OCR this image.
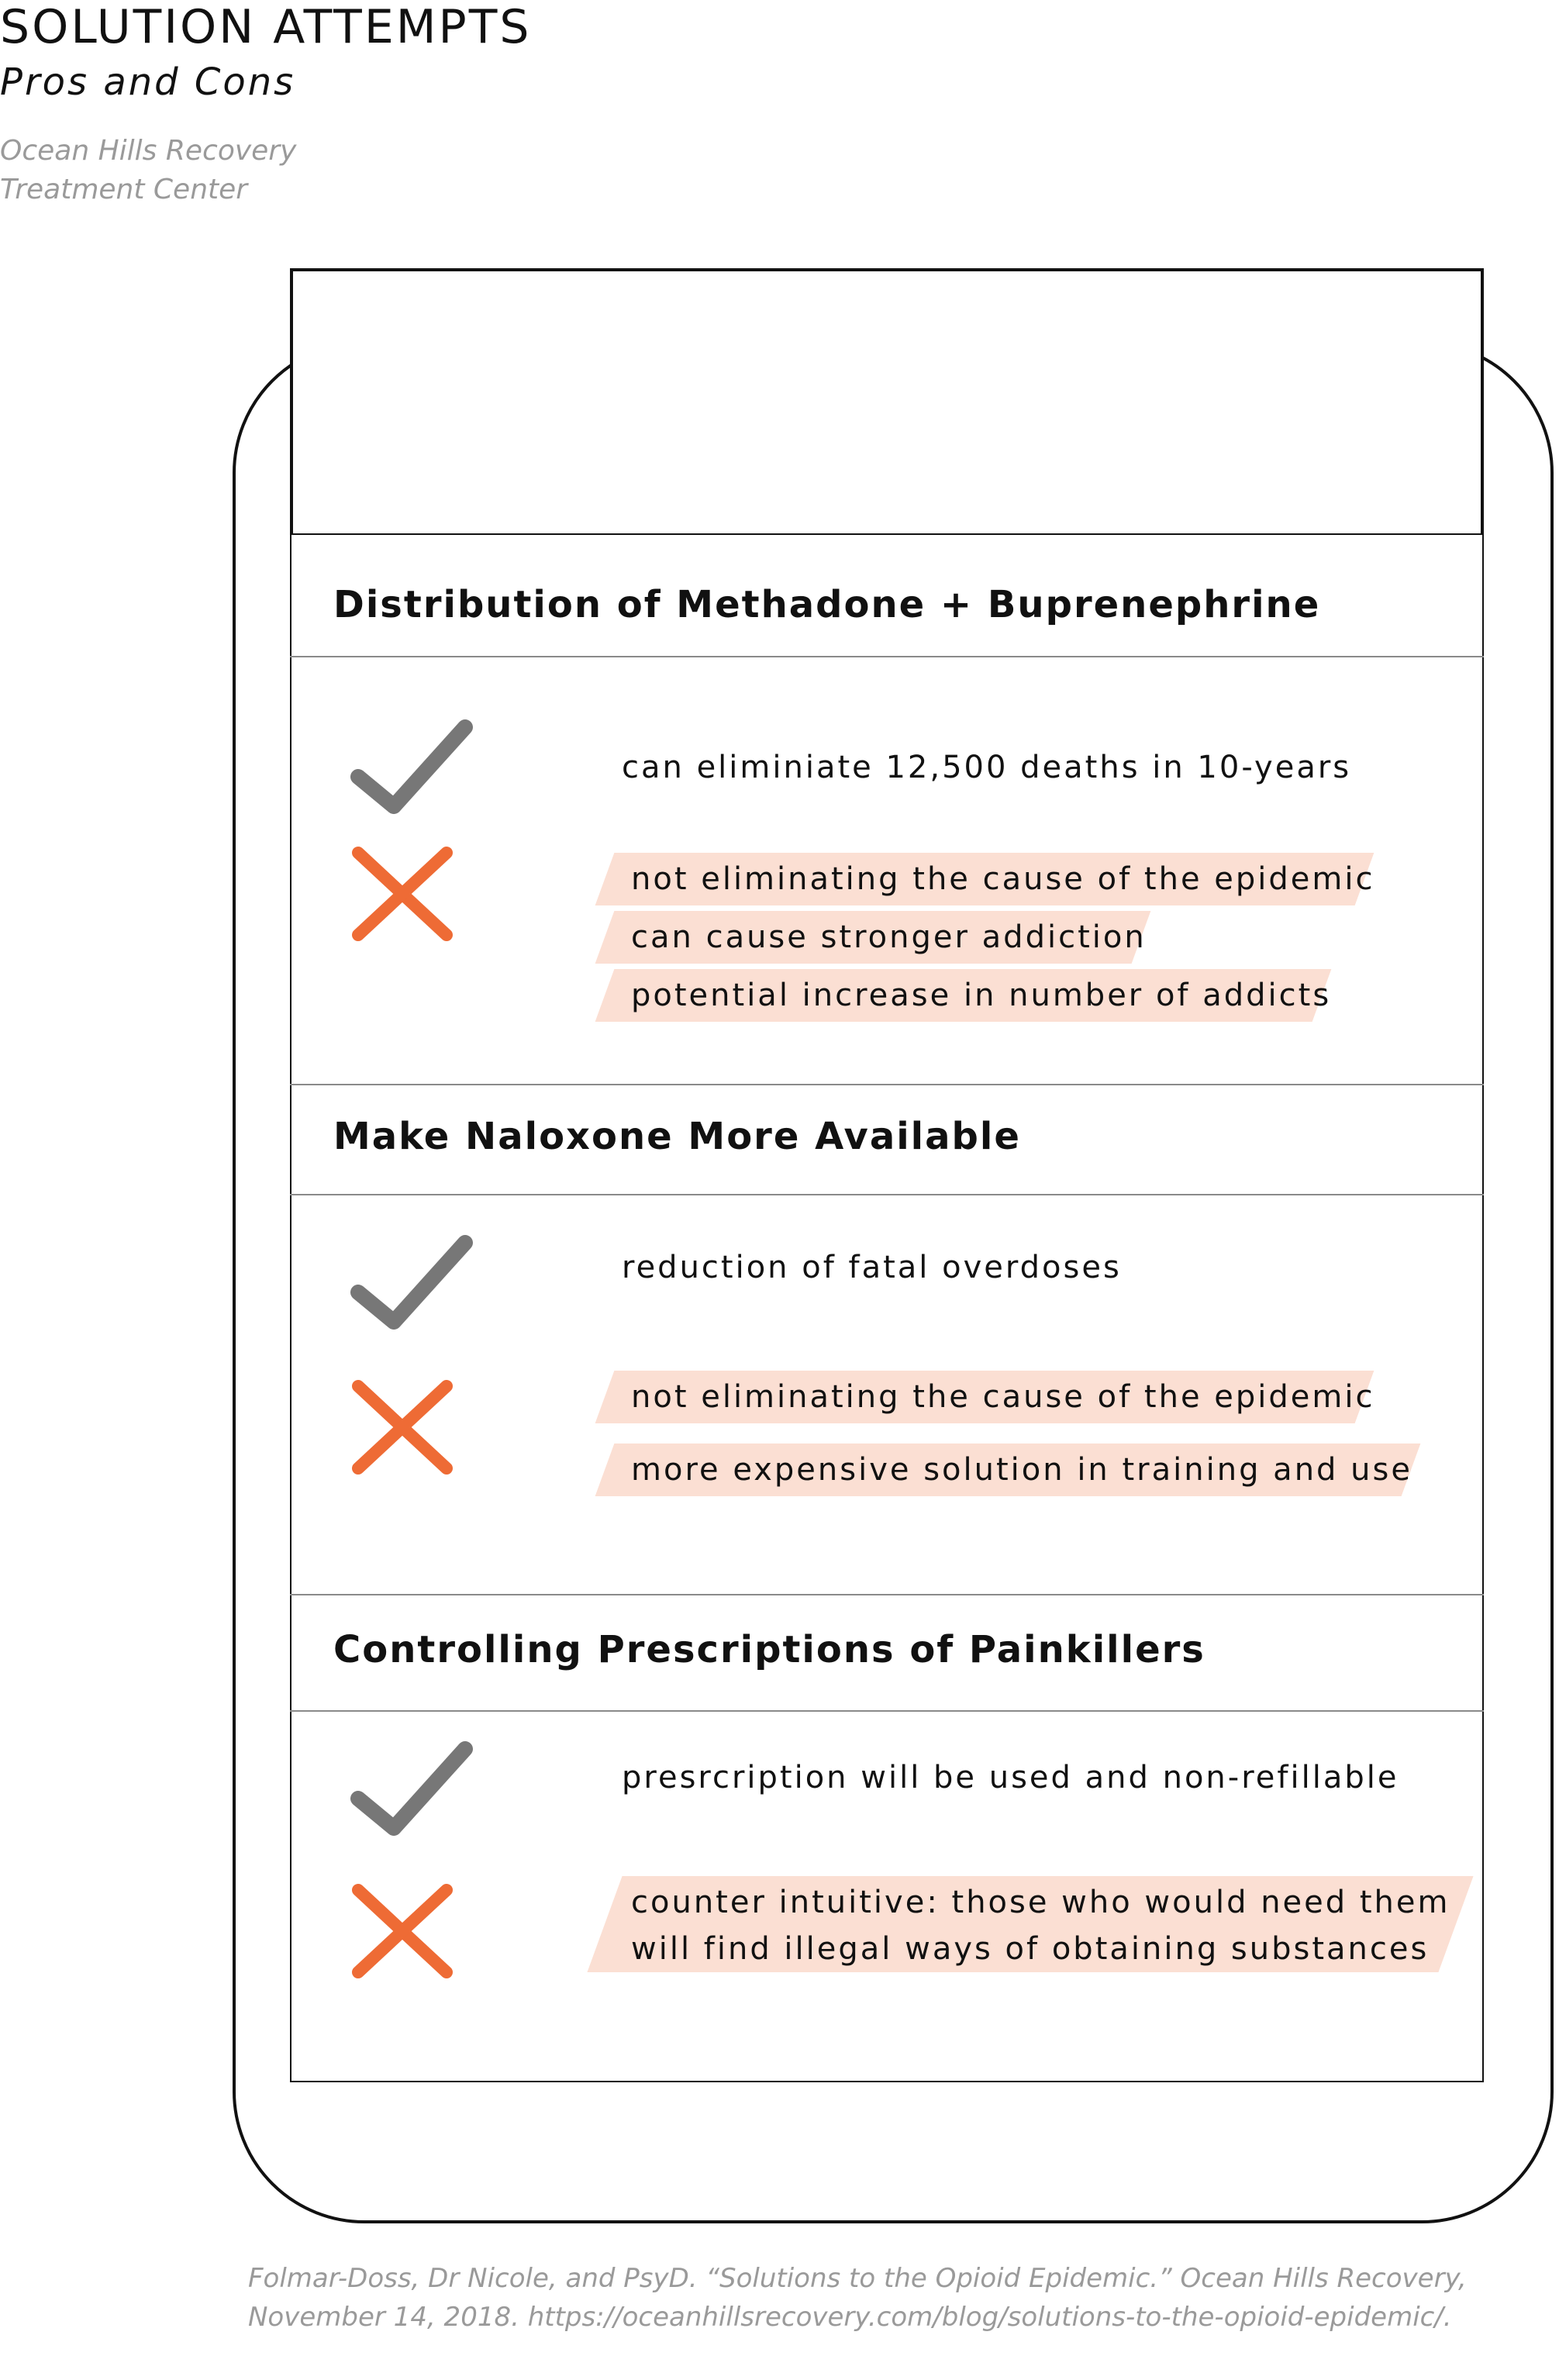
SOLUTION ATTEMPTS
Pros and Cons
Ocean Hills Recovery
Treatment Center
Distribution of Methadone + Buprenephrine
can eliminiate 12,500 deaths in 10-years
not eliminating the cause of the epidemic
can cause stronger addiction
potential increase in number of addicts
Make Naloxone More Available
reduction of fatal overdoses
not eliminating the cause of the epidemic
more expensive solution in training and use
Controlling Prescriptions of Painkillers
presrcription will be used and non-refillable
counter intuitive: those who would need them
will find illegal ways of obtaining substances
Folmar-Doss, Dr Nicole, and PsyD. “Solutions to the Opioid Epidemic.” Ocean Hills Recovery,
November 14, 2018. https://oceanhillsrecovery.com/blog/solutions-to-the-opioid-epidemic/.
